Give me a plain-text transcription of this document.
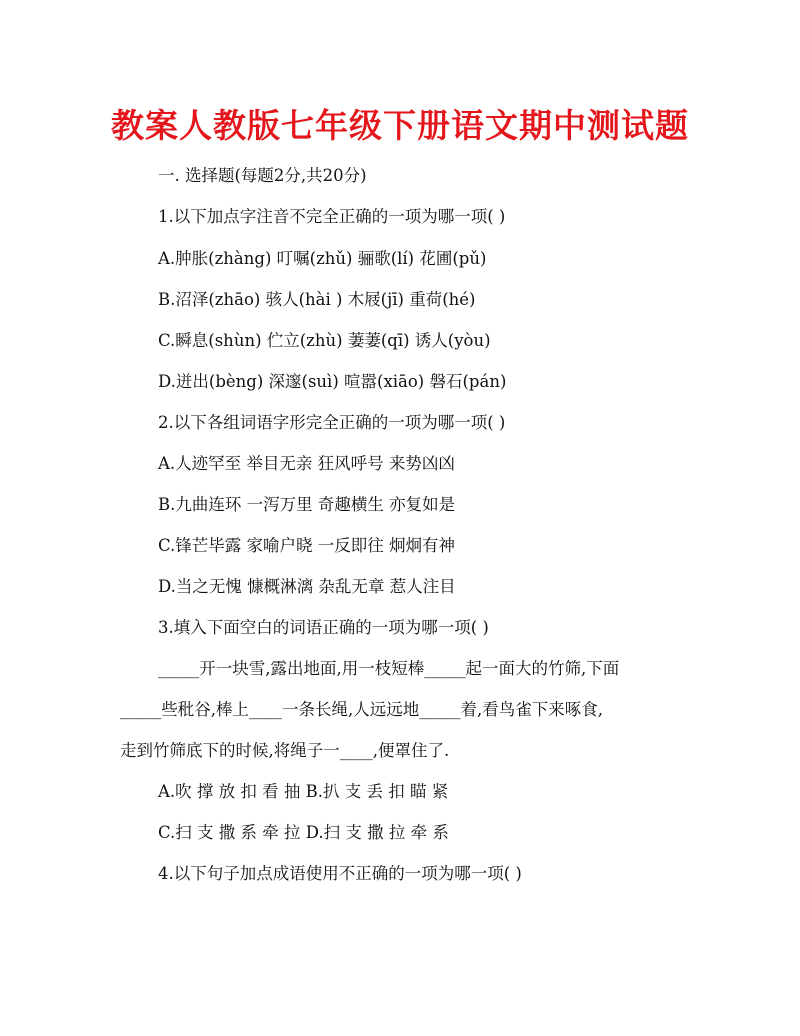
教案人教版七年级下册语文期中测试题
一. 选择题(每题2分,共20分)
1.以下加点字注音不完全正确的一项为哪一项( )
A.肿胀(zhàng) 叮嘱(zhǔ) 骊歌(lí) 花圃(pǔ)
B.沼泽(zhāo) 骇人(hài ) 木屐(jī) 重荷(hé)
C.瞬息(shùn) 伫立(zhù) 萋萋(qī) 诱人(yòu)
D.迸出(bèng) 深邃(suì) 喧嚣(xiāo) 磐石(pán)
2.以下各组词语字形完全正确的一项为哪一项( )
A.人迹罕至 举目无亲 狂风呼号 来势凶凶
B.九曲连环 一泻万里 奇趣横生 亦复如是
C.锋芒毕露 家喻户晓 一反即往 炯炯有神
D.当之无愧 慷概淋漓 杂乱无章 惹人注目
3.填入下面空白的词语正确的一项为哪一项( )
_____开一块雪,露出地面,用一枝短棒_____起一面大的竹筛,下面
_____些秕谷,棒上____一条长绳,人远远地_____着,看鸟雀下来啄食,
走到竹筛底下的时候,将绳子一____,便罩住了.
A.吹 撑 放 扣 看 抽 B.扒 支 丢 扣 瞄 紧
C.扫 支 撒 系 牵 拉 D.扫 支 撒 拉 牵 系
4.以下句子加点成语使用不正确的一项为哪一项( )
